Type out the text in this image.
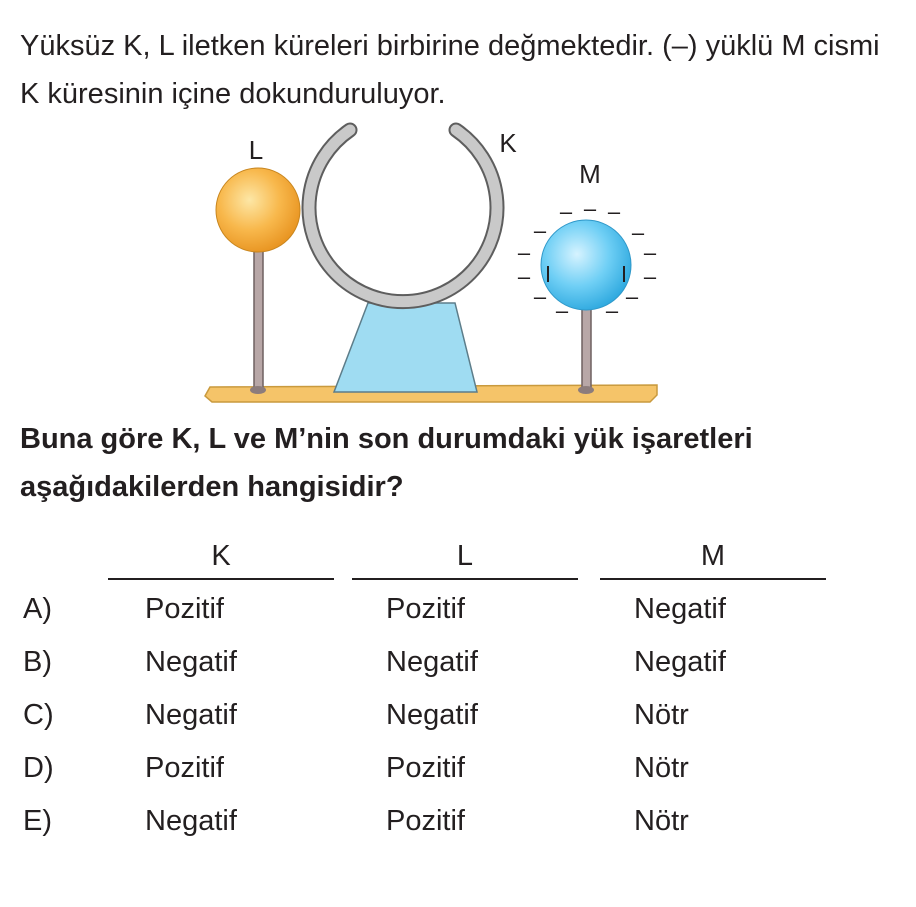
Yüksüz K, L iletken küreleri birbirine değmektedir. (–) yüklü M cismi K küresinin içine dokunduruluyor.

– – –
–	–
–	–
–	–
–	–
– –
L	K
M

Buna göre K, L ve M’nin son durumdaki yük işaretleri aşağıdakilerden hangisidir?

K	L	M
A)	Pozitif	Pozitif	Negatif
B)	Negatif	Negatif	Negatif
C)	Negatif	Negatif	Nötr
D)	Pozitif	Pozitif	Nötr
E)	Negatif	Pozitif	Nötr
